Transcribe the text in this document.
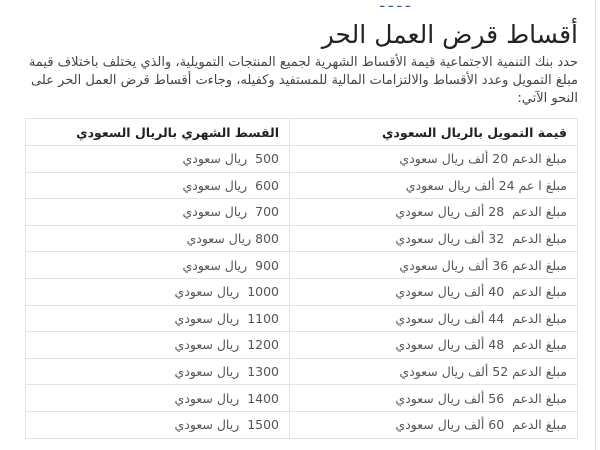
ـ ـ ـ ـ
أقساط قرض العمل الحر

حدد بنك التنمية الاجتماعية قيمة الأقساط الشهرية لجميع المنتجات التمويلية، والذي يختلف باختلاف قيمة مبلغ التمويل وعدد الأقساط والالتزامات المالية للمستفيد وكفيله، وجاءت أقساط قرض العمل الحر على النحو الآتي:

قيمة التمويل بالريال السعودي	القسط الشهري بالريال السعودي
مبلغ الدعم 20 ألف ريال سعودي	500  ريال سعودي
مبلغ ا عم 24 ألف ريال سعودي	600  ريال سعودي
مبلغ الدعم  28 ألف ريال سعودي	700  ريال سعودي
مبلغ الدعم  32 ألف ريال سعودي	800 ريال سعودي
مبلغ الدعم 36 ألف ريال سعودي	900  ريال سعودي
مبلغ الدعم  40 ألف ريال سعودي	1000  ريال سعودي
مبلغ الدعم  44 ألف ريال سعودي	1100  ريال سعودي
مبلغ الدعم  48 ألف ريال سعودي	1200  ريال سعودي
مبلغ الدعم 52 ألف ريال سعودي	1300  ريال سعودي
مبلغ الدعم  56 ألف ريال سعودي	1400  ريال سعودي
مبلغ الدعم  60 ألف ريال سعودي	1500  ريال سعودي
